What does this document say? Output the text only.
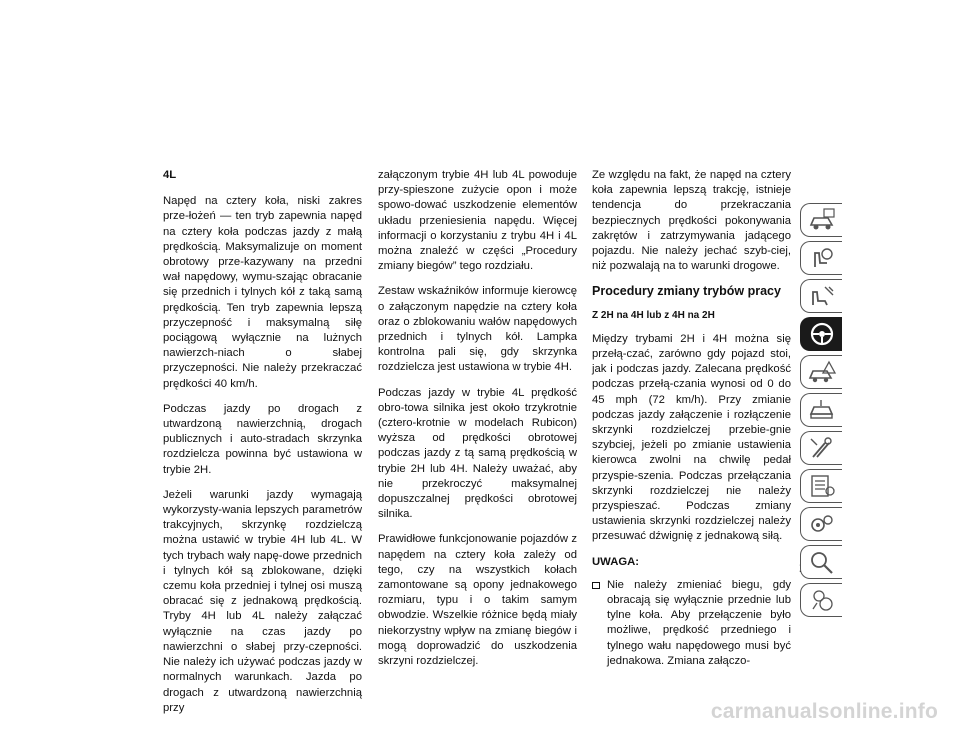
4L

Napęd na cztery koła, niski zakres prze-łożeń — ten tryb zapewnia napęd na cztery koła podczas jazdy z małą prędkością. Maksymalizuje on moment obrotowy prze-kazywany na przedni wał napędowy, wymu-szając obracanie się przednich i tylnych kół z taką samą prędkością. Ten tryb zapewnia lepszą przyczepność i maksymalną siłę pociągową wyłącznie na lużnych nawierzch-niach o słabej przyczepności. Nie należy przekraczać prędkości 40 km/h.

Podczas jazdy po drogach z utwardzoną nawierzchnią, drogach publicznych i auto-stradach skrzynka rozdzielcza powinna być ustawiona w trybie 2H.

Jeżeli warunki jazdy wymagają wykorzysty-wania lepszych parametrów trakcyjnych, skrzynkę rozdzielczą można ustawić w trybie 4H lub 4L. W tych trybach wały napę-dowe przednich i tylnych kół są zblokowane, dzięki czemu koła przedniej i tylnej osi muszą obracać się z jednakową prędkością. Tryby 4H lub 4L należy załączać wyłącznie na czas jazdy po nawierzchni o słabej przy-czepności. Nie należy ich używać podczas jazdy w normalnych warunkach. Jazda po drogach z utwardzoną nawierzchnią przy

załączonym trybie 4H lub 4L powoduje przy-spieszone zużycie opon i może spowo-dować uszkodzenie elementów układu przeniesienia napędu. Więcej informacji o korzystaniu z trybu 4H i 4L można znaleźć w części „Procedury zmiany biegów” tego rozdziału.

Zestaw wskaźników informuje kierowcę o załączonym napędzie na cztery koła oraz o zblokowaniu wałów napędowych przednich i tylnych kół. Lampka kontrolna pali się, gdy skrzynka rozdzielcza jest ustawiona w trybie 4H.

Podczas jazdy w trybie 4L prędkość obro-towa silnika jest około trzykrotnie (cztero-krotnie w modelach Rubicon) wyższa od prędkości obrotowej podczas jazdy z tą samą prędkością w trybie 2H lub 4H. Należy uważać, aby nie przekroczyć maksymalnej dopuszczalnej prędkości obrotowej silnika.

Prawidłowe funkcjonowanie pojazdów z napędem na cztery koła zależy od tego, czy na wszystkich kołach zamontowane są opony jednakowego rozmiaru, typu i o takim samym obwodzie. Wszelkie różnice będą miały niekorzystny wpływ na zmianę biegów i mogą doprowadzić do uszkodzenia skrzyni rozdzielczej.

Ze względu na fakt, że napęd na cztery koła zapewnia lepszą trakcję, istnieje tendencja do przekraczania bezpiecznych prędkości pokonywania zakrętów i zatrzymywania jadącego pojazdu. Nie należy jechać szyb-ciej, niż pozwalają na to warunki drogowe.

Procedury zmiany trybów pracy
Z 2H na 4H lub z 4H na 2H

Między trybami 2H i 4H można się przełą-czać, zarówno gdy pojazd stoi, jak i podczas jazdy. Zalecana prędkość podczas przełą-czania wynosi od 0 do 45 mph (72 km/h). Przy zmianie podczas jazdy załączenie i rozłączenie skrzynki rozdzielczej przebie-gnie szybciej, jeżeli po zmianie ustawienia kierowca zwolni na chwilę pedał przyspie-szenia. Podczas przełączania skrzynki rozdzielczej nie należy przyspieszać. Podczas zmiany ustawienia skrzynki rozdzielczej należy przesuwać dźwignię z jednakową siłą.

UWAGA:
Nie należy zmieniać biegu, gdy obracają się wyłącznie przednie lub tylne koła. Aby przełączenie było możliwe, prędkość przedniego i tylnego wału napędowego musi być jednakowa. Zmiana załączo-
carmanualsonline.info
